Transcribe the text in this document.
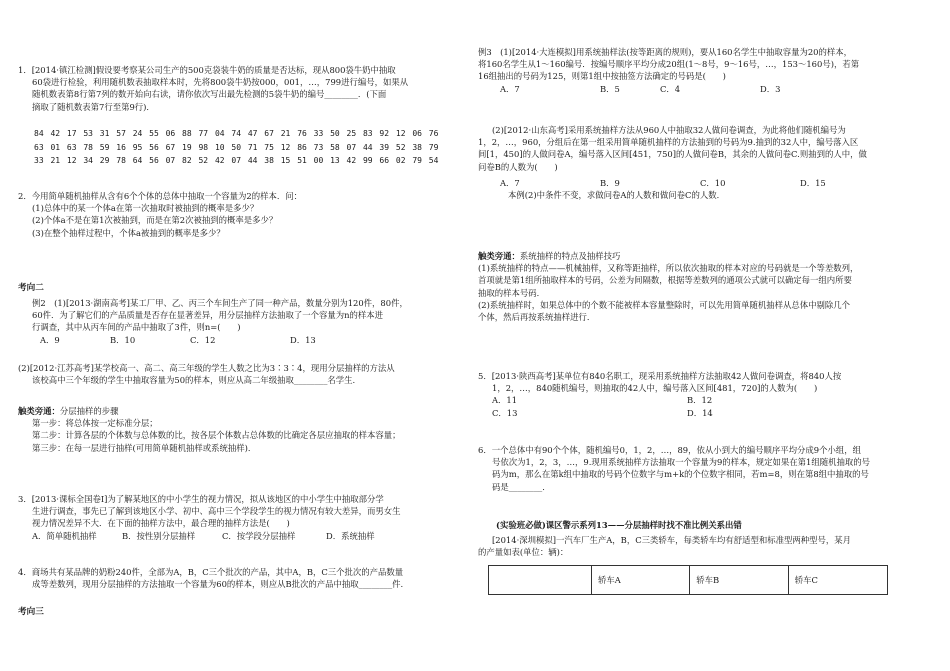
1．[2014·镇江检测]假设要考察某公司生产的500克袋装牛奶的质量是否达标，现从800袋牛奶中抽取

60袋进行检验，利用随机数表抽取样本时，先将800袋牛奶按000，001，…，799进行编号，如果从

随机数表第8行第7列的数开始向右读，请你依次写出最先检测的5袋牛奶的编号________．(下面

摘取了随机数表第7行至第9行)．

84 42 17 53 31 57 24 55 06 88 77 04 74 47 67 21 76 33 50 25 83 92 12 06 76

63 01 63 78 59 16 95 56 67 19 98 10 50 71 75 12 86 73 58 07 44 39 52 38 79

33 21 12 34 29 78 64 56 07 82 52 42 07 44 38 15 51 00 13 42 99 66 02 79 54

2．今用简单随机抽样从含有6个个体的总体中抽取一个容量为2的样本．问：

(1)总体中的某一个体a在第一次抽取时被抽到的概率是多少？

(2)个体a不是在第1次被抽到，而是在第2次被抽到的概率是多少？

(3)在整个抽样过程中，个体a被抽到的概率是多少？

考向二

例2　(1)[2013·湖南高考]某工厂甲、乙、丙三个车间生产了同一种产品，数量分别为120件，80件，

60件．为了解它们的产品质量是否存在显著差异，用分层抽样方法抽取了一个容量为n的样本进

行调查，其中从丙车间的产品中抽取了3件，则n=(　　)

A．9	B．10	C．12	D．13

(2)[2012·江苏高考]某学校高一、高二、高三年级的学生人数之比为3∶3∶4，现用分层抽样的方法从

该校高中三个年级的学生中抽取容量为50的样本，则应从高二年级抽取________名学生.

触类旁通：分层抽样的步骤

第一步：将总体按一定标准分层；

第二步：计算各层的个体数与总体数的比，按各层个体数占总体数的比确定各层应抽取的样本容量；

第三步：在每一层进行抽样(可用简单随机抽样或系统抽样)．

3．[2013·课标全国卷Ⅰ]为了解某地区的中小学生的视力情况，拟从该地区的中小学生中抽取部分学

生进行调查，事先已了解到该地区小学、初中、高中三个学段学生的视力情况有较大差异，而男女生

视力情况差异不大．在下面的抽样方法中，最合理的抽样方法是(　　)

A．简单随机抽样	B．按性别分层抽样	C．按学段分层抽样	D．系统抽样

4．商场共有某品牌的奶粉240件，全部为A，B，C三个批次的产品，其中A，B，C三个批次的产品数量

成等差数列，现用分层抽样的方法抽取一个容量为60的样本，则应从B批次的产品中抽取________件.

考向三

例3　(1)[2014·大连模拟]用系统抽样法(按等距离的规则)，要从160名学生中抽取容量为20的样本，

将160名学生从1～160编号．按编号顺序平均分成20组(1～8号，9～16号，…，153～160号)，若第

16组抽出的号码为125，则第1组中按抽签方法确定的号码是(　　)

A．7	B．5	C．4	D．3

(2)[2012·山东高考]采用系统抽样方法从960人中抽取32人做问卷调查，为此将他们随机编号为

1，2，…，960，分组后在第一组采用简单随机抽样的方法抽到的号码为9.抽到的32人中，编号落入区

间[1，450]的人做问卷A，编号落入区间[451，750]的人做问卷B，其余的人做问卷C.则抽到的人中，做

问卷B的人数为(　　)

A．7	B．9	C．10	D．15

本例(2)中条件不变，求做问卷A的人数和做问卷C的人数．

触类旁通：系统抽样的特点及抽样技巧

(1)系统抽样的特点——机械抽样，又称等距抽样，所以依次抽取的样本对应的号码就是一个等差数列，

首项就是第1组所抽取样本的号码，公差为间隔数，根据等差数列的通项公式就可以确定每一组内所要

抽取的样本号码．

(2)系统抽样时，如果总体中的个数不能被样本容量整除时，可以先用简单随机抽样从总体中剔除几个

个体，然后再按系统抽样进行．

5．[2013·陕西高考]某单位有840名职工，现采用系统抽样方法抽取42人做问卷调查，将840人按

1，2，…，840随机编号，则抽取的42人中，编号落入区间[481，720]的人数为(　　)

A．11	B．12
C．13	D．14

6．一个总体中有90个个体，随机编号0，1，2，…，89，依从小到大的编号顺序平均分成9个小组，组

号依次为1，2，3，…，9.现用系统抽样方法抽取一个容量为9的样本，规定如果在第1组随机抽取的号

码为m，那么在第k组中抽取的号码个位数字与m+k的个位数字相同，若m=8，则在第8组中抽取的号

码是________．

(实验班必做)课区警示系列13——分层抽样时找不准比例关系出错

[2014·深圳模拟]一汽车厂生产A，B，C三类轿车，每类轿车均有舒适型和标准型两种型号，某月

的产量如表(单位：辆)：

	轿车A	轿车B	轿车C
